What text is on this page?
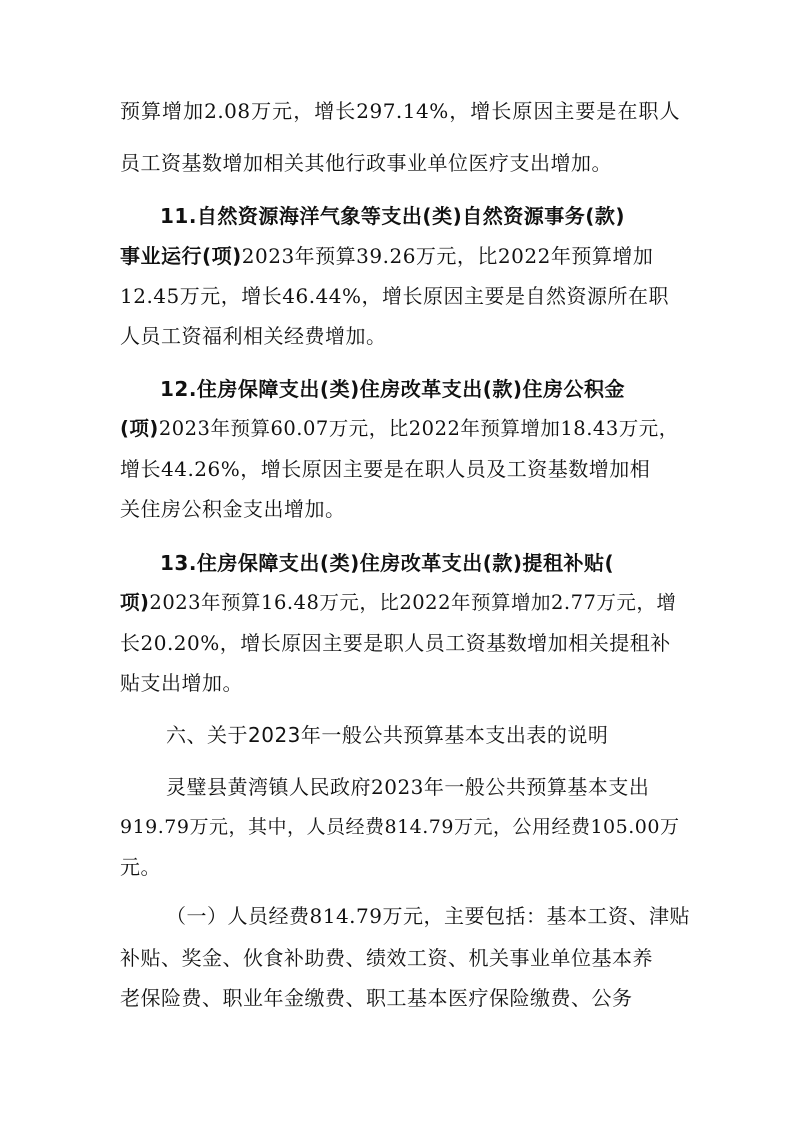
预算增加2.08万元，增长297.14%，增长原因主要是在职人
员工资基数增加相关其他行政事业单位医疗支出增加。
11.自然资源海洋气象等支出(类)自然资源事务(款)
事业运行(项)2023年预算39.26万元，比2022年预算增加
12.45万元，增长46.44%，增长原因主要是自然资源所在职
人员工资福利相关经费增加。
12.住房保障支出(类)住房改革支出(款)住房公积金
(项)2023年预算60.07万元，比2022年预算增加18.43万元，
增长44.26%，增长原因主要是在职人员及工资基数增加相
关住房公积金支出增加。
13.住房保障支出(类)住房改革支出(款)提租补贴(
项)2023年预算16.48万元，比2022年预算增加2.77万元，增
长20.20%，增长原因主要是职人员工资基数增加相关提租补
贴支出增加。
六、关于2023年一般公共预算基本支出表的说明
灵璧县黄湾镇人民政府2023年一般公共预算基本支出
919.79万元，其中，人员经费814.79万元，公用经费105.00万
元。
（一）人员经费814.79万元，主要包括：基本工资、津贴
补贴、奖金、伙食补助费、绩效工资、机关事业单位基本养
老保险费、职业年金缴费、职工基本医疗保险缴费、公务
